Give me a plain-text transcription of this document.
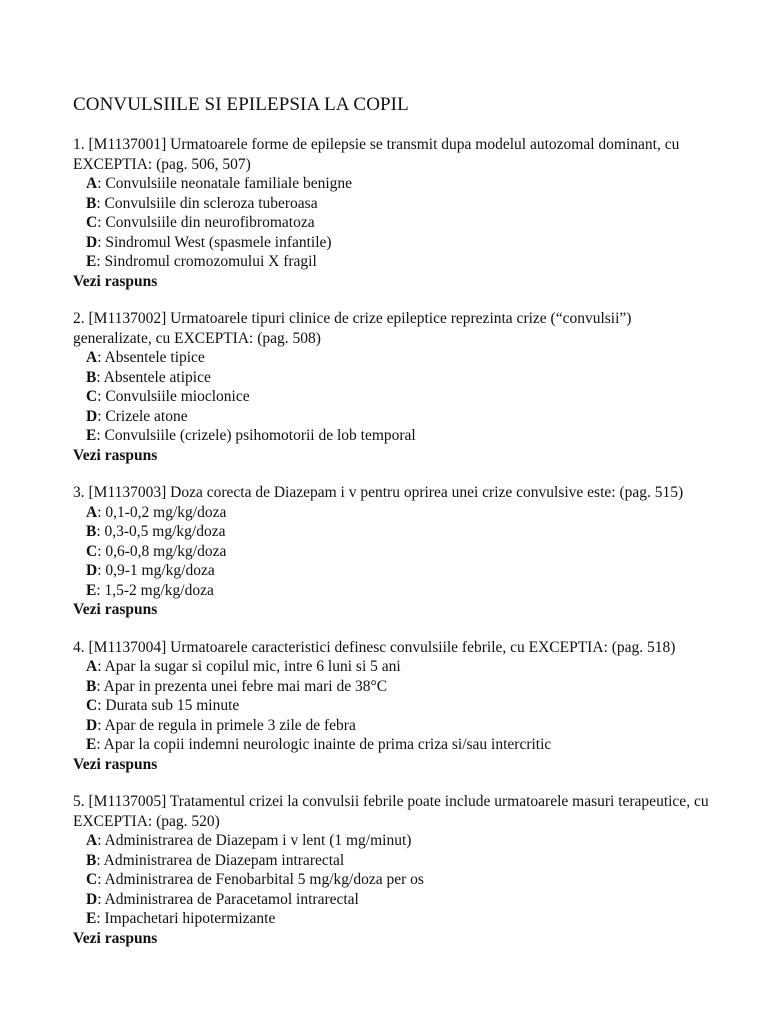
CONVULSIILE SI EPILEPSIA LA COPIL

1. [M1137001] Urmatoarele forme de epilepsie se transmit dupa modelul autozomal dominant, cu EXCEPTIA: (pag. 506, 507)

A: Convulsiile neonatale familiale benigne
B: Convulsiile din scleroza tuberoasa
C: Convulsiile din neurofibromatoza
D: Sindromul West (spasmele infantile)
E: Sindromul cromozomului X fragil
Vezi raspuns

2. [M1137002] Urmatoarele tipuri clinice de crize epileptice reprezinta crize (“convulsii”) generalizate, cu EXCEPTIA: (pag. 508)

A: Absentele tipice
B: Absentele atipice
C: Convulsiile mioclonice
D: Crizele atone
E: Convulsiile (crizele) psihomotorii de lob temporal
Vezi raspuns

3. [M1137003] Doza corecta de Diazepam i v pentru oprirea unei crize convulsive este: (pag. 515)

A: 0,1-0,2 mg/kg/doza
B: 0,3-0,5 mg/kg/doza
C: 0,6-0,8 mg/kg/doza
D: 0,9-1 mg/kg/doza
E: 1,5-2 mg/kg/doza
Vezi raspuns

4. [M1137004] Urmatoarele caracteristici definesc convulsiile febrile, cu EXCEPTIA: (pag. 518)

A: Apar la sugar si copilul mic, intre 6 luni si 5 ani
B: Apar in prezenta unei febre mai mari de 38°C
C: Durata sub 15 minute
D: Apar de regula in primele 3 zile de febra
E: Apar la copii indemni neurologic inainte de prima criza si/sau intercritic
Vezi raspuns

5. [M1137005] Tratamentul crizei la convulsii febrile poate include urmatoarele masuri terapeutice, cu EXCEPTIA: (pag. 520)

A: Administrarea de Diazepam i v lent (1 mg/minut)
B: Administrarea de Diazepam intrarectal
C: Administrarea de Fenobarbital 5 mg/kg/doza per os
D: Administrarea de Paracetamol intrarectal
E: Impachetari hipotermizante
Vezi raspuns
